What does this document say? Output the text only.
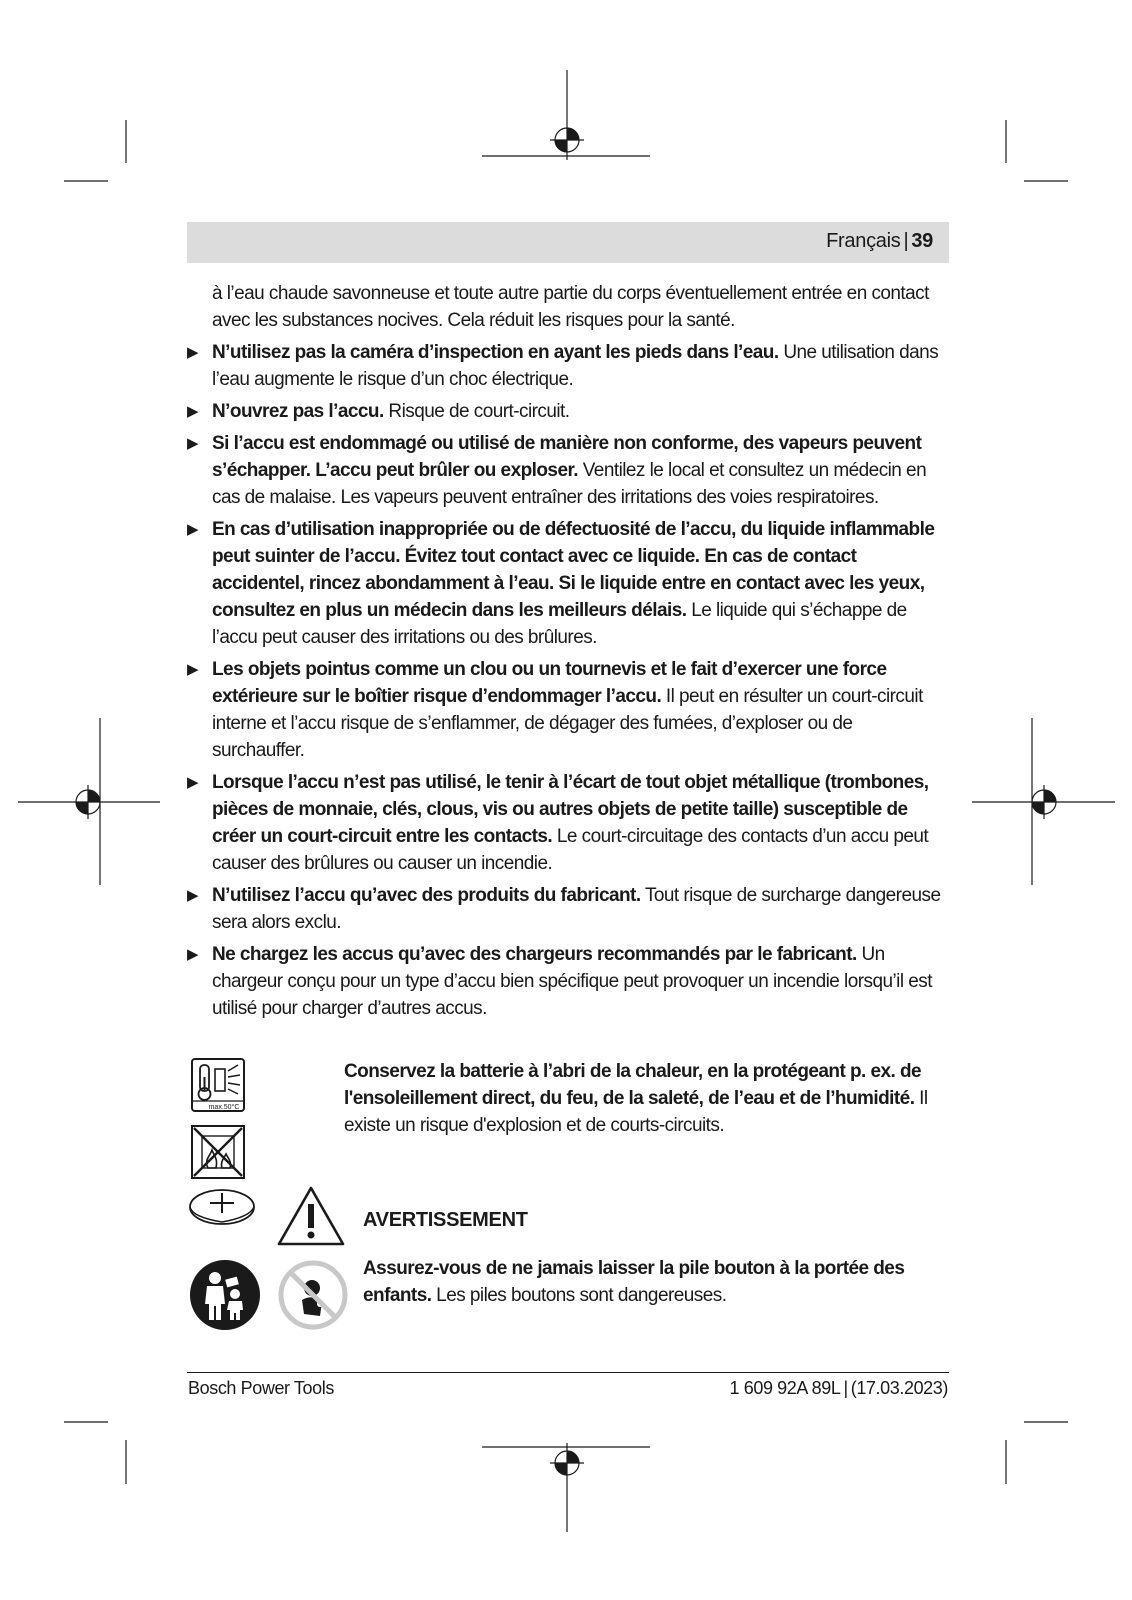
Français | 39

à l’eau chaude savonneuse et toute autre partie du corps éventuellement entrée en contact avec les substances nocives. Cela réduit les risques pour la santé.

▶ N’utilisez pas la caméra d’inspection en ayant les pieds dans l’eau. Une utilisation dans l’eau augmente le risque d’un choc électrique.

▶ N’ouvrez pas l’accu. Risque de court-circuit.

▶ Si l’accu est endommagé ou utilisé de manière non conforme, des vapeurs peuvent s’échapper. L’accu peut brûler ou exploser. Ventilez le local et consultez un médecin en cas de malaise. Les vapeurs peuvent entraîner des irritations des voies respiratoires.

▶ En cas d’utilisation inappropriée ou de défectuosité de l’accu, du liquide inflammable peut suinter de l’accu. Évitez tout contact avec ce liquide. En cas de contact accidentel, rincez abondamment à l’eau. Si le liquide entre en contact avec les yeux, consultez en plus un médecin dans les meilleurs délais. Le liquide qui s’échappe de l’accu peut causer des irritations ou des brûlures.

▶ Les objets pointus comme un clou ou un tournevis et le fait d’exercer une force extérieure sur le boîtier risque d’endommager l’accu. Il peut en résulter un court-circuit interne et l’accu risque de s’enflammer, de dégager des fumées, d’exploser ou de surchauffer.

▶ Lorsque l’accu n’est pas utilisé, le tenir à l’écart de tout objet métallique (trombones, pièces de monnaie, clés, clous, vis ou autres objets de petite taille) susceptible de créer un court-circuit entre les contacts. Le court-circuitage des contacts d’un accu peut causer des brûlures ou causer un incendie.

▶ N’utilisez l’accu qu’avec des produits du fabricant. Tout risque de surcharge dangereuse sera alors exclu.

▶ Ne chargez les accus qu’avec des chargeurs recommandés par le fabricant. Un chargeur conçu pour un type d’accu bien spécifique peut provoquer un incendie lorsqu’il est utilisé pour charger d’autres accus.

max.50°C
Conservez la batterie à l’abri de la chaleur, en la protégeant p. ex. de l'ensoleillement direct, du feu, de la saleté, de l’eau et de l’humidité. Il existe un risque d'explosion et de courts-circuits.
AVERTISSEMENT
Assurez-vous de ne jamais laisser la pile bouton à la portée des enfants. Les piles boutons sont dangereuses.
Bosch Power Tools	1 609 92A 89L | (17.03.2023)
